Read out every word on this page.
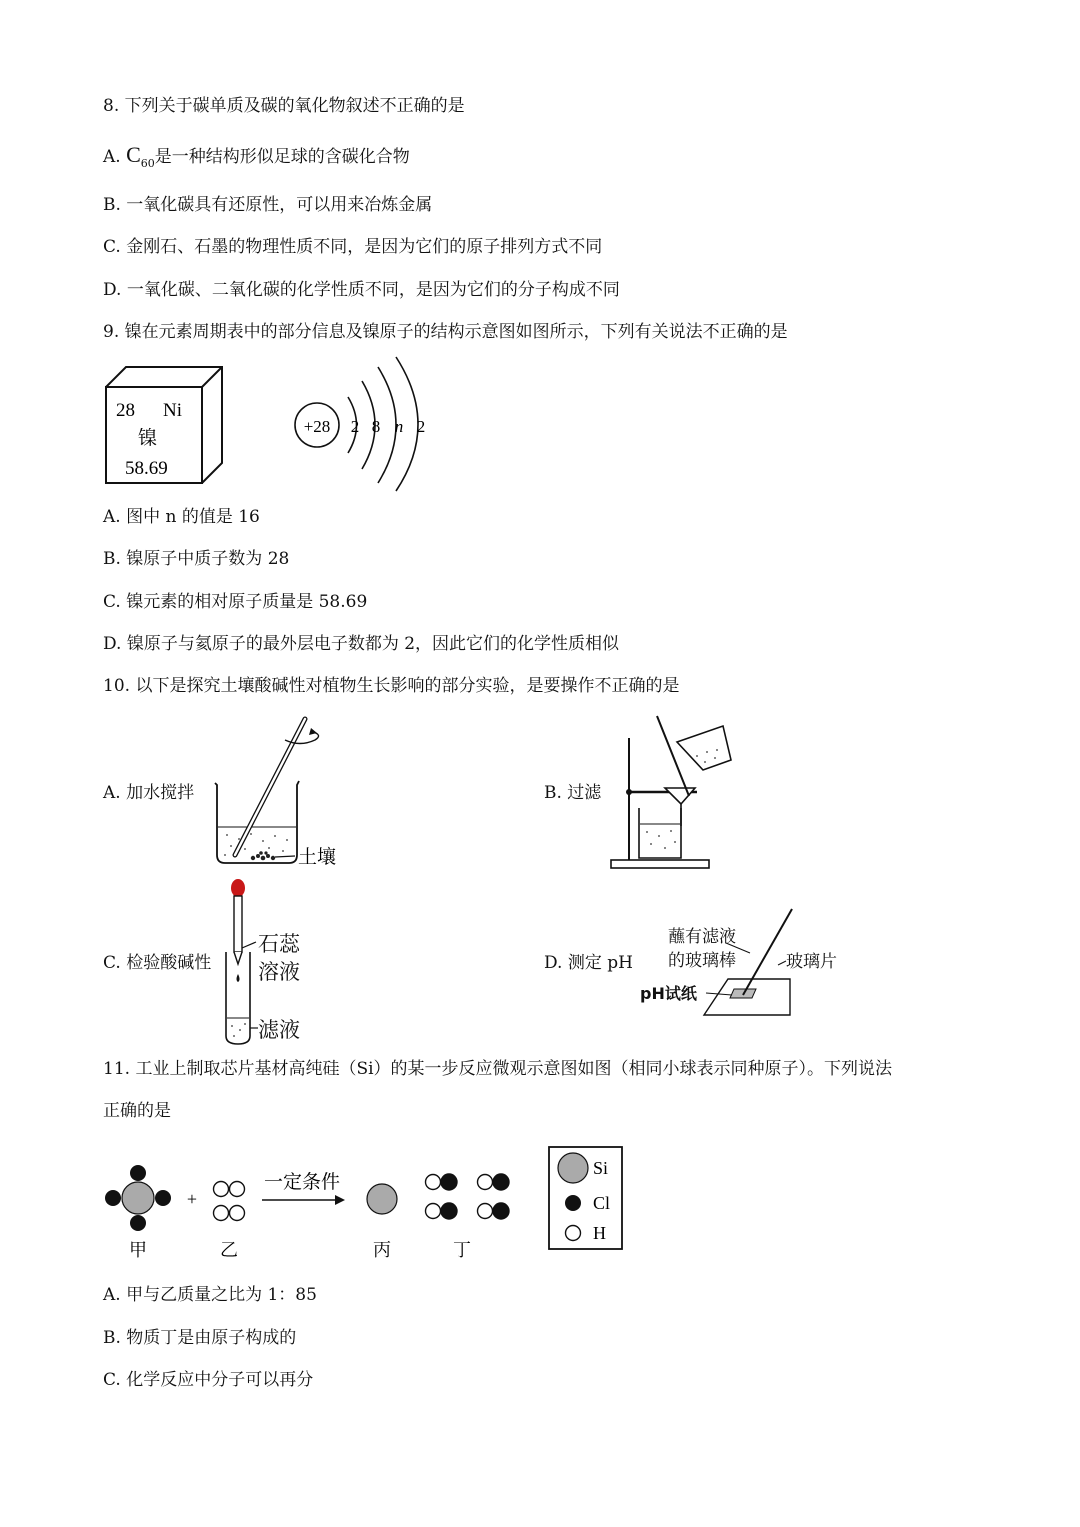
8. 下列关于碳单质及碳的氧化物叙述不正确的是
A. $C_{60}$是一种结构形似足球的含碳化合物
B. 一氧化碳具有还原性，可以用来冶炼金属
C. 金刚石、石墨的物理性质不同，是因为它们的原子排列方式不同
D. 一氧化碳、二氧化碳的化学性质不同，是因为它们的分子构成不同
9. 镍在元素周期表中的部分信息及镍原子的结构示意图如图所示，下列有关说法不正确的是
28 Ni
镍
58.69
+28 2 8 n 2
A. 图中 n 的值是 16
B. 镍原子中质子数为 28
C. 镍元素的相对原子质量是 58.69
D. 镍原子与氦原子的最外层电子数都为 2，因此它们的化学性质相似
10. 以下是探究土壤酸碱性对植物生长影响的部分实验，是要操作不正确的是
A. 加水搅拌
土壤
B. 过滤
C. 检验酸碱性
石蕊
溶液
滤液
D. 测定 pH
蘸有滤液
的玻璃棒	玻璃片
pH试纸
11. 工业上制取芯片基材高纯硅（Si）的某一步反应微观示意图如图（相同小球表示同种原子）。下列说法
正确的是
+
一定条件
甲	乙	丙	丁
Si
Cl
H
A. 甲与乙质量之比为 1：85
B. 物质丁是由原子构成的
C. 化学反应中分子可以再分
